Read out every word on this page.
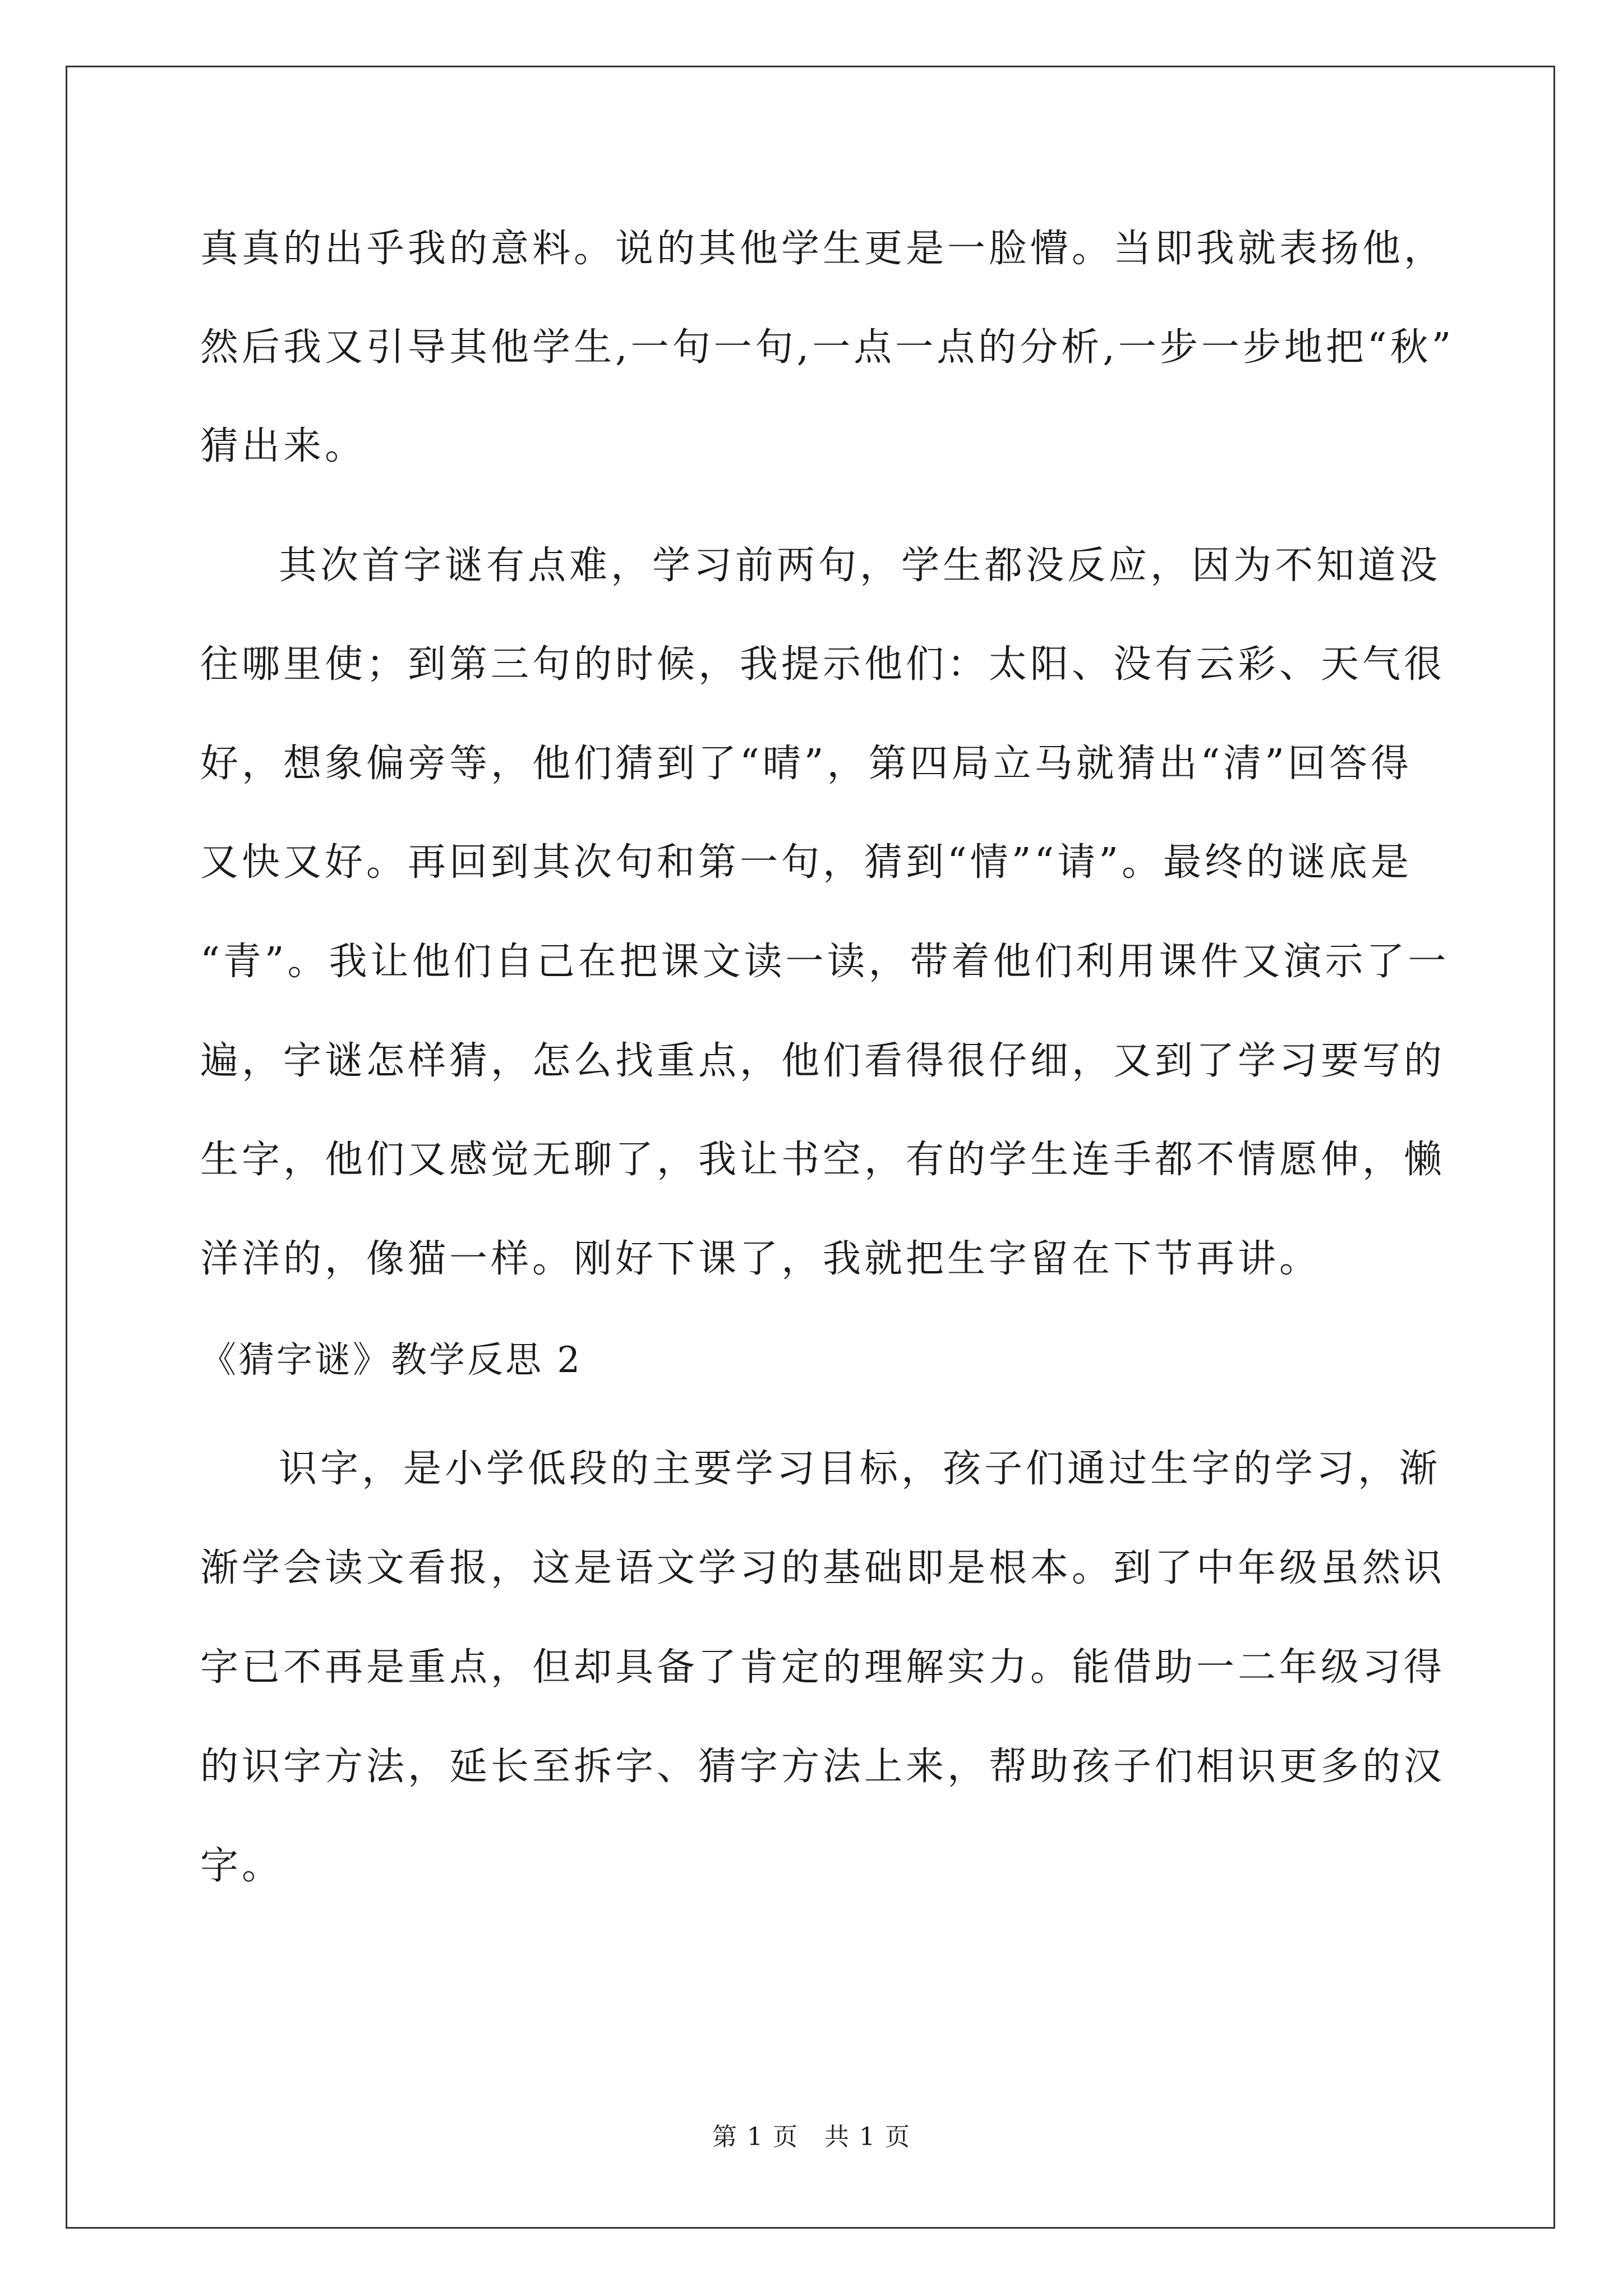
真真的出乎我的意料。说的其他学生更是一脸懵。当即我就表扬他，
然后我又引导其他学生,一句一句,一点一点的分析,一步一步地把“秋”
猜出来。
其次首字谜有点难，学习前两句，学生都没反应，因为不知道没
往哪里使；到第三句的时候，我提示他们：太阳、没有云彩、天气很
好，想象偏旁等，他们猜到了“晴”，第四局立马就猜出“清”回答得
又快又好。再回到其次句和第一句，猜到“情”“请”。最终的谜底是
“青”。我让他们自己在把课文读一读，带着他们利用课件又演示了一
遍，字谜怎样猜，怎么找重点，他们看得很仔细，又到了学习要写的
生字，他们又感觉无聊了，我让书空，有的学生连手都不情愿伸，懒
洋洋的，像猫一样。刚好下课了，我就把生字留在下节再讲。
《猜字谜》教学反思 2
识字，是小学低段的主要学习目标，孩子们通过生字的学习，渐
渐学会读文看报，这是语文学习的基础即是根本。到了中年级虽然识
字已不再是重点，但却具备了肯定的理解实力。能借助一二年级习得
的识字方法，延长至拆字、猜字方法上来，帮助孩子们相识更多的汉
字。
第 1 页　共 1 页
